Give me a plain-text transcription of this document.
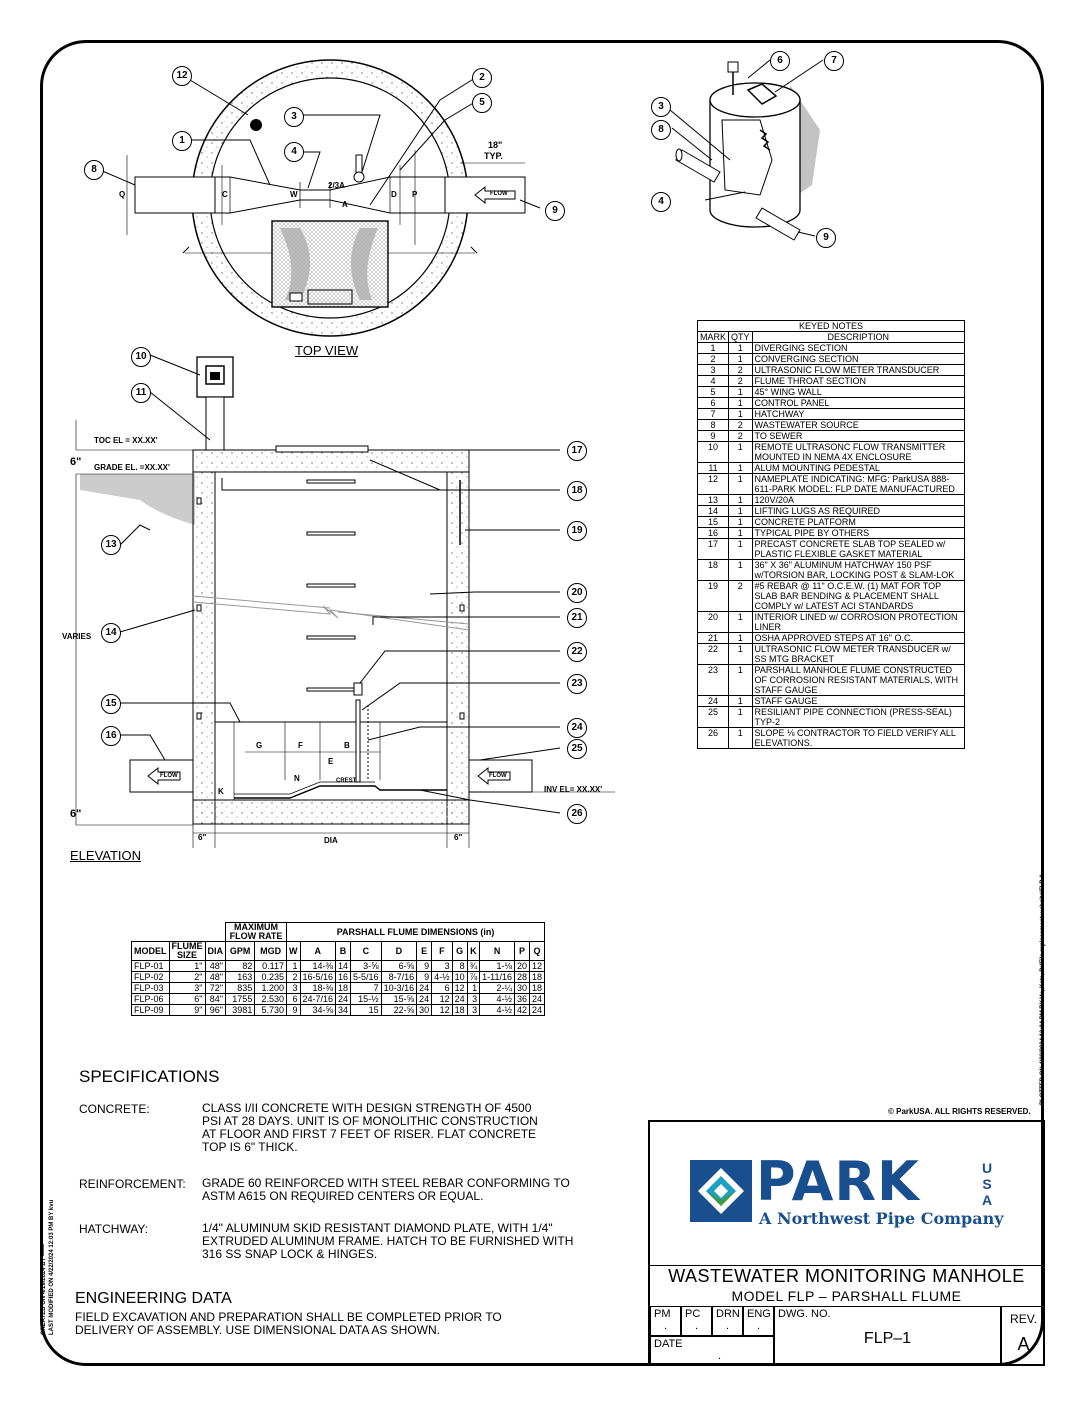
18"
TYP.
Q	C	W
2/3A
A
D P	FLOW
TOP VIEW
TOC EL = XX.XX'
6" GRADE EL. =XX.XX'
VARIES
INV EL= XX.XX'
6"
6"	6"
DIA
G	F	B
E
N
K
CREST
FLOW	FLOW
ELEVATION
12
1
3
4
2
5
8
9
6	7
3
8
4
9
10
11
13
14
15
16
17
18
19
20
21
22
23
24
25
26
KEYED NOTES		
MARK	QTY	DESCRIPTION
1	1	DIVERGING SECTION
2	1	CONVERGING SECTION
3	2	ULTRASONIC FLOW METER TRANSDUCER
4	2	FLUME THROAT SECTION
5	1	45° WING WALL
6	1	CONTROL PANEL
7	1	HATCHWAY
8	2	WASTEWATER SOURCE
9	2	TO SEWER
10	1	REMOTE ULTRASONC FLOW TRANSMITTER MOUNTED IN NEMA 4X ENCLOSURE
11	1	ALUM MOUNTING PEDESTAL
12	1	NAMEPLATE INDICATING: MFG: ParkUSA 888-611-PARK MODEL: FLP DATE MANUFACTURED
13	1	120V/20A
14	1	LIFTING LUGS AS REQUIRED
15	1	CONCRETE PLATFORM
16	1	TYPICAL PIPE BY OTHERS
17	1	PRECAST CONCRETE SLAB TOP SEALED w/ PLASTIC FLEXIBLE GASKET MATERIAL
18	1	36" X 36" ALUMINUM HATCHWAY 150 PSF w/TORSION BAR, LOCKING POST & SLAM-LOK
19	2	#5 REBAR @ 11" O.C.E.W. (1) MAT FOR TOP SLAB BAR BENDING & PLACEMENT SHALL COMPLY w/ LATEST ACI STANDARDS
20	1	INTERIOR LINED w/ CORROSION PROTECTION LINER
21	1	OSHA APPROVED STEPS AT 16" O.C.
22	1	ULTRASONIC FLOW METER TRANSDUCER w/ SS MTG BRACKET
23	1	PARSHALL MANHOLE FLUME CONSTRUCTED OF CORROSION RESISTANT MATERIALS, WITH STAFF GAUGE
24	1	STAFF GAUGE
25	1	RESILIANT PIPE CONNECTION (PRESS-SEAL) TYP-2
26	1	SLOPE ⅛ CONTRACTOR TO FIELD VERIFY ALL ELEVATIONS.
			MAXIMUM FLOW RATE		PARSHALL FLUME DIMENSIONS (in)											
MODEL	FLUME SIZE	DIA	GPM	MGD	W	A	B	C	D	E	F	G	K	N	P	Q
FLP-01	1"	48"	82	0.117	1	14-⅜	14	3-⅝	6-⅝	9	3	8	¾	1-⅛	20	12
FLP-02	2"	48"	163	0.235	2	16-5/16	16	5-5/16	8-7/16	9	4-½	10	⅞	1-11/16	28	18
FLP-03	3"	72"	835	1.200	3	18-⅜	18	7	10-3/16	24	6	12	1	2-¼	30	18
FLP-06	6"	84"	1755	2.530	6	24-7/16	24	15-½	15-⅝	24	12	24	3	4-½	36	24
FLP-09	9"	96"	3981	5.730	9	34-⅝	34	15	22-⅝	30	12	18	3	4-½	42	24
SPECIFICATIONS
CONCRETE:	CLASS I/II CONCRETE WITH DESIGN STRENGTH OF 4500
PSI AT 28 DAYS. UNIT IS OF MONOLITHIC CONSTRUCTION
AT FLOOR AND FIRST 7 FEET OF RISER. FLAT CONCRETE
TOP IS 6" THICK.
REINFORCEMENT: GRADE 60 REINFORCED WITH STEEL REBAR CONFORMING TO
ASTM A615 ON REQUIRED CENTERS OR EQUAL.
HATCHWAY:	1/4" ALUMINUM SKID RESISTANT DIAMOND PLATE, WITH 1/4"
EXTRUDED ALUMINUM FRAME. HATCH TO BE FURNISHED WITH
316 SS SNAP LOCK & HINGES.
ENGINEERING DATA
FIELD EXCAVATION AND PREPARATION SHALL BE COMPLETED PRIOR TO
DELIVERY OF ASSEMBLY. USE DIMENSIONAL DATA AS SHOWN.
CREATED ON 4/19/2024 BY —— LAST MODIFIED ON 4/22/2024 12:03 PM BY kvu
PLOTTED ON 4/22/2024 12:04 PM BY Vu, Kate, D:\File replacement website\FLP-1
© ParkUSA. ALL RIGHTS RESERVED.
PARK	USA
A Northwest Pipe Company
WASTEWATER MONITORING MANHOLE
MODEL FLP – PARSHALL FLUME
PM
.
PC
.
DRN
.
ENG
.
DATE
.
DWG. NO.
FLP–1
REV.
A
